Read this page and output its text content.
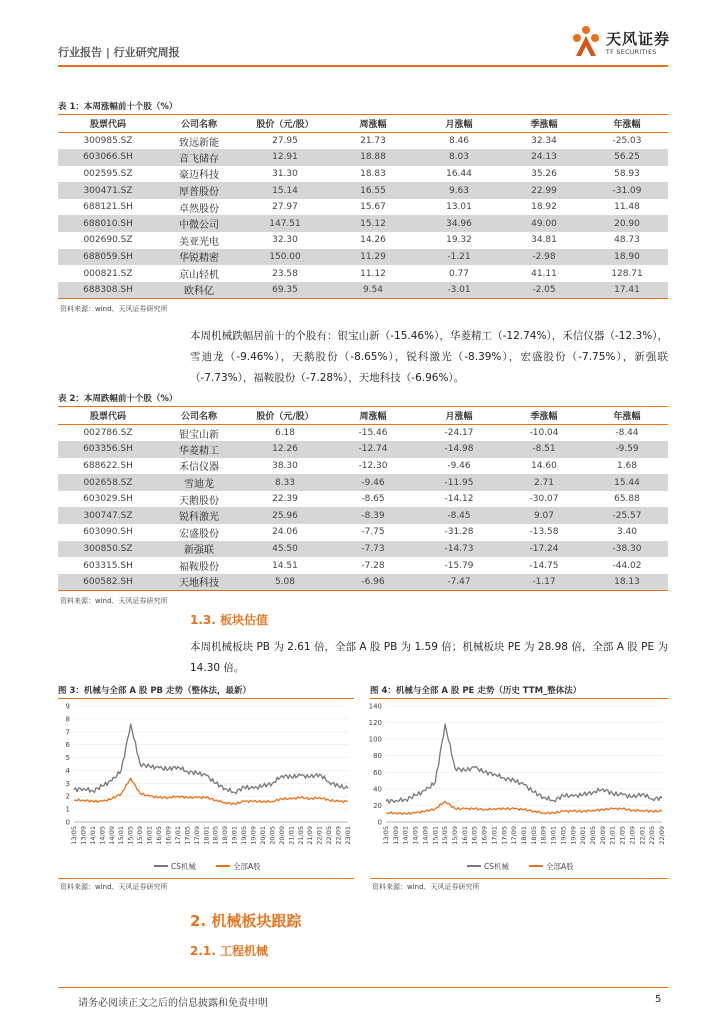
行业报告 | 行业研究周报
天风证券
TF SECURITIES
表 1：本周涨幅前十个股（%）
股票代码	公司名称	股价（元/股）	周涨幅	月涨幅	季涨幅	年涨幅
300985.SZ	致远新能	27.95	21.73	8.46	32.34	-25.03
603066.SH	音飞储存	12.91	18.88	8.03	24.13	56.25
002595.SZ	豪迈科技	31.30	18.83	16.44	35.26	58.93
300471.SZ	厚普股份	15.14	16.55	9.63	22.99	-31.09
688121.SH	卓然股份	27.97	15.67	13.01	18.92	11.48
688010.SH	中微公司	147.51	15.12	34.96	49.00	20.90
002690.SZ	美亚光电	32.30	14.26	19.32	34.81	48.73
688059.SH	华锐精密	150.00	11.29	-1.21	-2.98	18.90
000821.SZ	京山轻机	23.58	11.12	0.77	41.11	128.71
688308.SH	欧科亿	69.35	9.54	-3.01	-2.05	17.41
资料来源：wind、天风证券研究所
本周机械跌幅居前十的个股有：银宝山新（-15.46%），华菱精工（-12.74%），禾信仪器（-12.3%），雪迪龙（-9.46%），天鹅股份（-8.65%），锐科激光（-8.39%），宏盛股份（-7.75%），新强联（-7.73%），福鞍股份（-7.28%），天地科技（-6.96%）。
表 2：本周跌幅前十个股（%）
股票代码	公司名称	股价（元/股）	周涨幅	月涨幅	季涨幅	年涨幅
002786.SZ	银宝山新	6.18	-15.46	-24.17	-10.04	-8.44
603356.SH	华菱精工	12.26	-12.74	-14.98	-8.51	-9.59
688622.SH	禾信仪器	38.30	-12.30	-9.46	14.60	1.68
002658.SZ	雪迪龙	8.33	-9.46	-11.95	2.71	15.44
603029.SH	天鹅股份	22.39	-8.65	-14.12	-30.07	65.88
300747.SZ	锐科激光	25.96	-8.39	-8.45	9.07	-25.57
603090.SH	宏盛股份	24.06	-7.75	-31.28	-13.58	3.40
300850.SZ	新强联	45.50	-7.73	-14.73	-17.24	-38.30
603315.SH	福鞍股份	14.51	-7.28	-15.79	-14.75	-44.02
600582.SH	天地科技	5.08	-6.96	-7.47	-1.17	18.13
资料来源：wind、天风证券研究所
1.3. 板块估值
本周机械板块 PB 为 2.61 倍，全部 A 股 PB 为 1.59 倍；机械板块 PE 为 28.98 倍，全部 A 股 PE 为 14.30 倍。
图 3：机械与全部 A 股 PB 走势（整体法，最新）
0
1
2
3
4
5
6
7
8
9
13/05 13/09 14/01 14/05 14/09 15/01 15/05 15/09 16/01 16/05 16/09 17/01 17/05 17/09 18/01 18/05 18/09 19/01 19/05 19/09 20/01 20/05 20/09 21/01 21/05 21/09 22/01 22/05 22/09 23/01
CS机械	全部A股
资料来源：wind、天风证券研究所
图 4：机械与全部 A 股 PE 走势（历史 TTM_整体法）
0
20
40
60
80
100
120
140
13/05 13/09 14/01 14/05 14/09 15/01 15/05 15/09 16/01 16/05 16/09 17/01 17/05 17/09 18/01 18/05 18/09 19/01 19/05 19/09 20/01 20/05 20/09 21/01 21/05 21/09 22/01 22/05 22/09
CS机械	全部A股
资料来源：wind、天风证券研究所
2. 机械板块跟踪
2.1. 工程机械
请务必阅读正文之后的信息披露和免责申明	5
